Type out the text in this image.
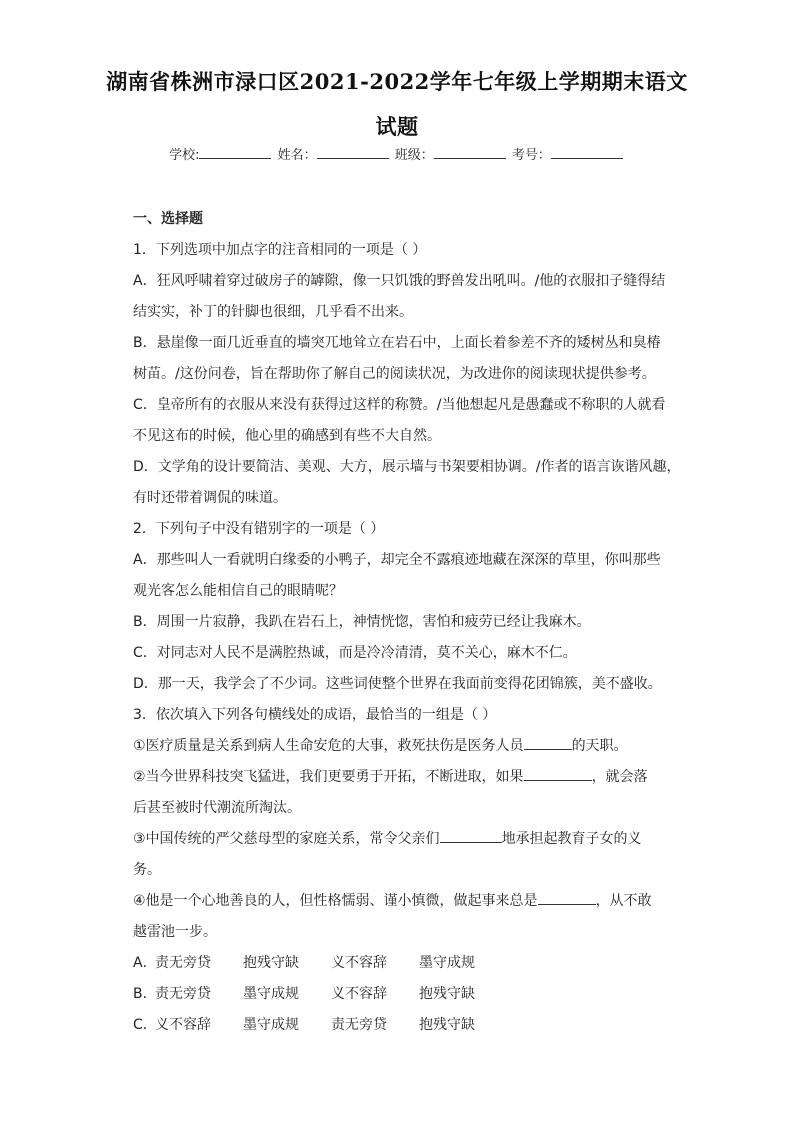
湖南省株洲市渌口区2021-2022学年七年级上学期期末语文
试题
学校:	姓名：	班级：	考号：

一、选择题

1．下列选项中加点字的注音相同的一项是（ ）

A．狂风呼啸着穿过破房子的罅隙，像一只饥饿的野兽发出吼叫。/他的衣服扣子缝得结

结实实，补丁的针脚也很细，几乎看不出来。

B．悬崖像一面几近垂直的墙突兀地耸立在岩石中，上面长着参差不齐的矮树丛和臭椿

树苗。/这份问卷，旨在帮助你了解自己的阅读状况，为改进你的阅读现状提供参考。

C．皇帝所有的衣服从来没有获得过这样的称赞。/当他想起凡是愚蠢或不称职的人就看

不见这布的时候，他心里的确感到有些不大自然。

D．文学角的设计要简洁、美观、大方，展示墙与书架要相协调。/作者的语言诙谐风趣，

有时还带着调侃的味道。

2．下列句子中没有错别字的一项是（ ）

A．那些叫人一看就明白缘委的小鸭子，却完全不露痕迹地藏在深深的草里，你叫那些

观光客怎么能相信自己的眼睛呢？

B．周围一片寂静，我趴在岩石上，神情恍惚，害怕和疲劳已经让我麻木。

C．对同志对人民不是满腔热诚，而是冷冷清清，莫不关心，麻木不仁。

D．那一天，我学会了不少词。这些词使整个世界在我面前变得花团锦簇，美不盛收。

3．依次填入下列各句横线处的成语，最恰当的一组是（ ）

①医疗质量是关系到病人生命安危的大事，救死扶伤是医务人员	的天职。

②当今世界科技突飞猛进，我们更要勇于开拓，不断进取，如果	，就会落

后甚至被时代潮流所淘汰。

③中国传统的严父慈母型的家庭关系，常令父亲们	地承担起教育子女的义

务。

④他是一个心地善良的人，但性格懦弱、谨小慎微，做起事来总是	，从不敢

越雷池一步。

A．责无旁贷 抱残守缺 义不容辞 墨守成规

B．责无旁贷 墨守成规 义不容辞 抱残守缺

C．义不容辞 墨守成规 责无旁贷 抱残守缺
